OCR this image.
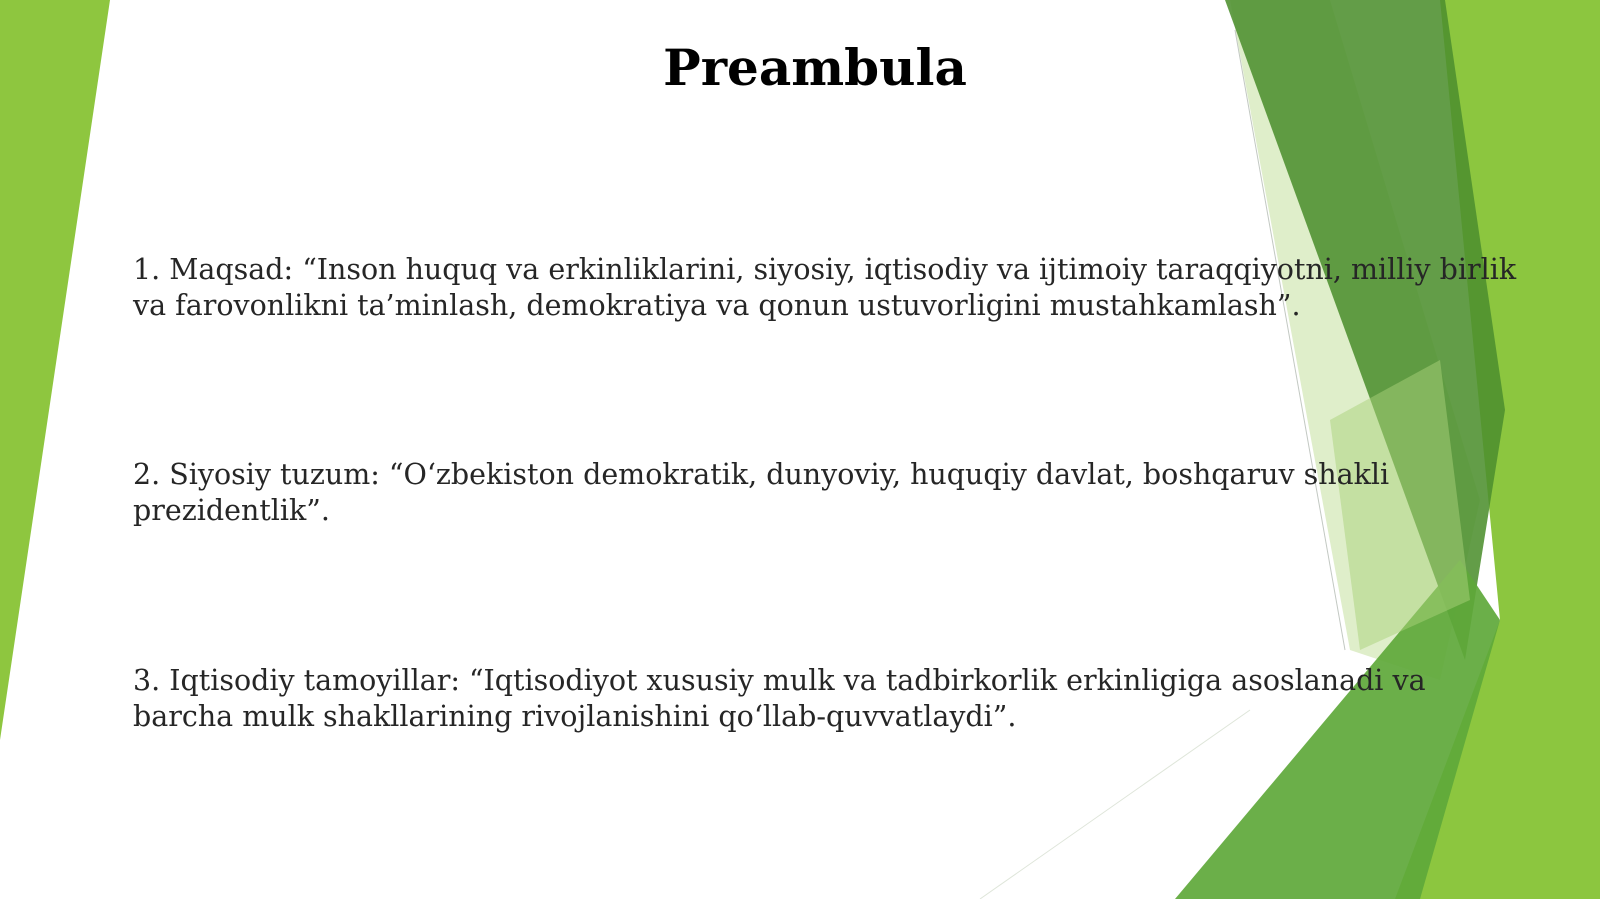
Preambula

1. Maqsad: “Inson huquq va erkinliklarini, siyosiy, iqtisodiy va ijtimoiy taraqqiyotni, milliy birlik va farovonlikni ta’minlash, demokratiya va qonun ustuvorligini mustahkamlash”.

2. Siyosiy tuzum: “O‘zbekiston demokratik, dunyoviy, huquqiy davlat, boshqaruv shakli prezidentlik”.

3. Iqtisodiy tamoyillar: “Iqtisodiyot xususiy mulk va tadbirkorlik erkinligiga asoslanadi va barcha mulk shakllarining rivojlanishini qo‘llab-quvvatlaydi”.
